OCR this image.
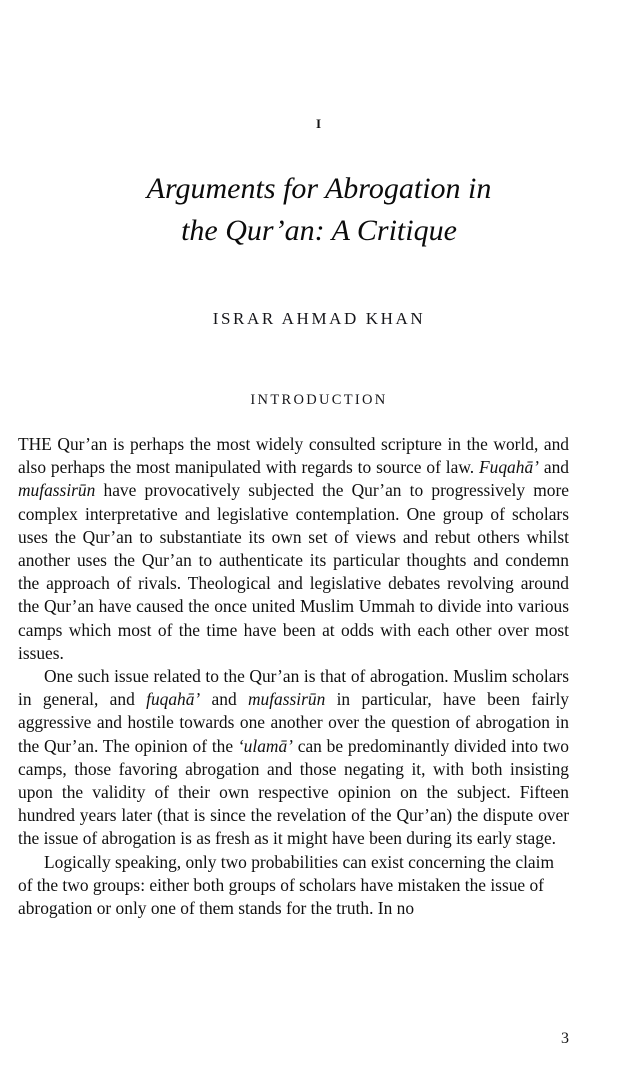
I
Arguments for Abrogation in
the Qur’an: A Critique
ISRAR AHMAD KHAN
INTRODUCTION

THE Qur’an is perhaps the most widely consulted scripture in the world, and also perhaps the most manipulated with regards to source of law. Fuqahā’ and mufassirūn have provocatively subjected the Qur’an to progressively more complex interpretative and legislative contemplation. One group of scholars uses the Qur’an to substantiate its own set of views and rebut others whilst another uses the Qur’an to authenticate its particular thoughts and condemn the approach of rivals. Theological and legislative debates revolving around the Qur’an have caused the once united Muslim Ummah to divide into various camps which most of the time have been at odds with each other over most issues.

One such issue related to the Qur’an is that of abrogation. Muslim scholars in general, and fuqahā’ and mufassirūn in particular, have been fairly aggressive and hostile towards one another over the question of abrogation in the Qur’an. The opinion of the ‘ulamā’ can be predominantly divided into two camps, those favoring abrogation and those negating it, with both insisting upon the validity of their own respective opinion on the subject. Fifteen hundred years later (that is since the revelation of the Qur’an) the dispute over the issue of abrogation is as fresh as it might have been during its early stage.

Logically speaking, only two probabilities can exist concerning the claim of the two groups: either both groups of scholars have mistaken the issue of abrogation or only one of them stands for the truth. In no

3
